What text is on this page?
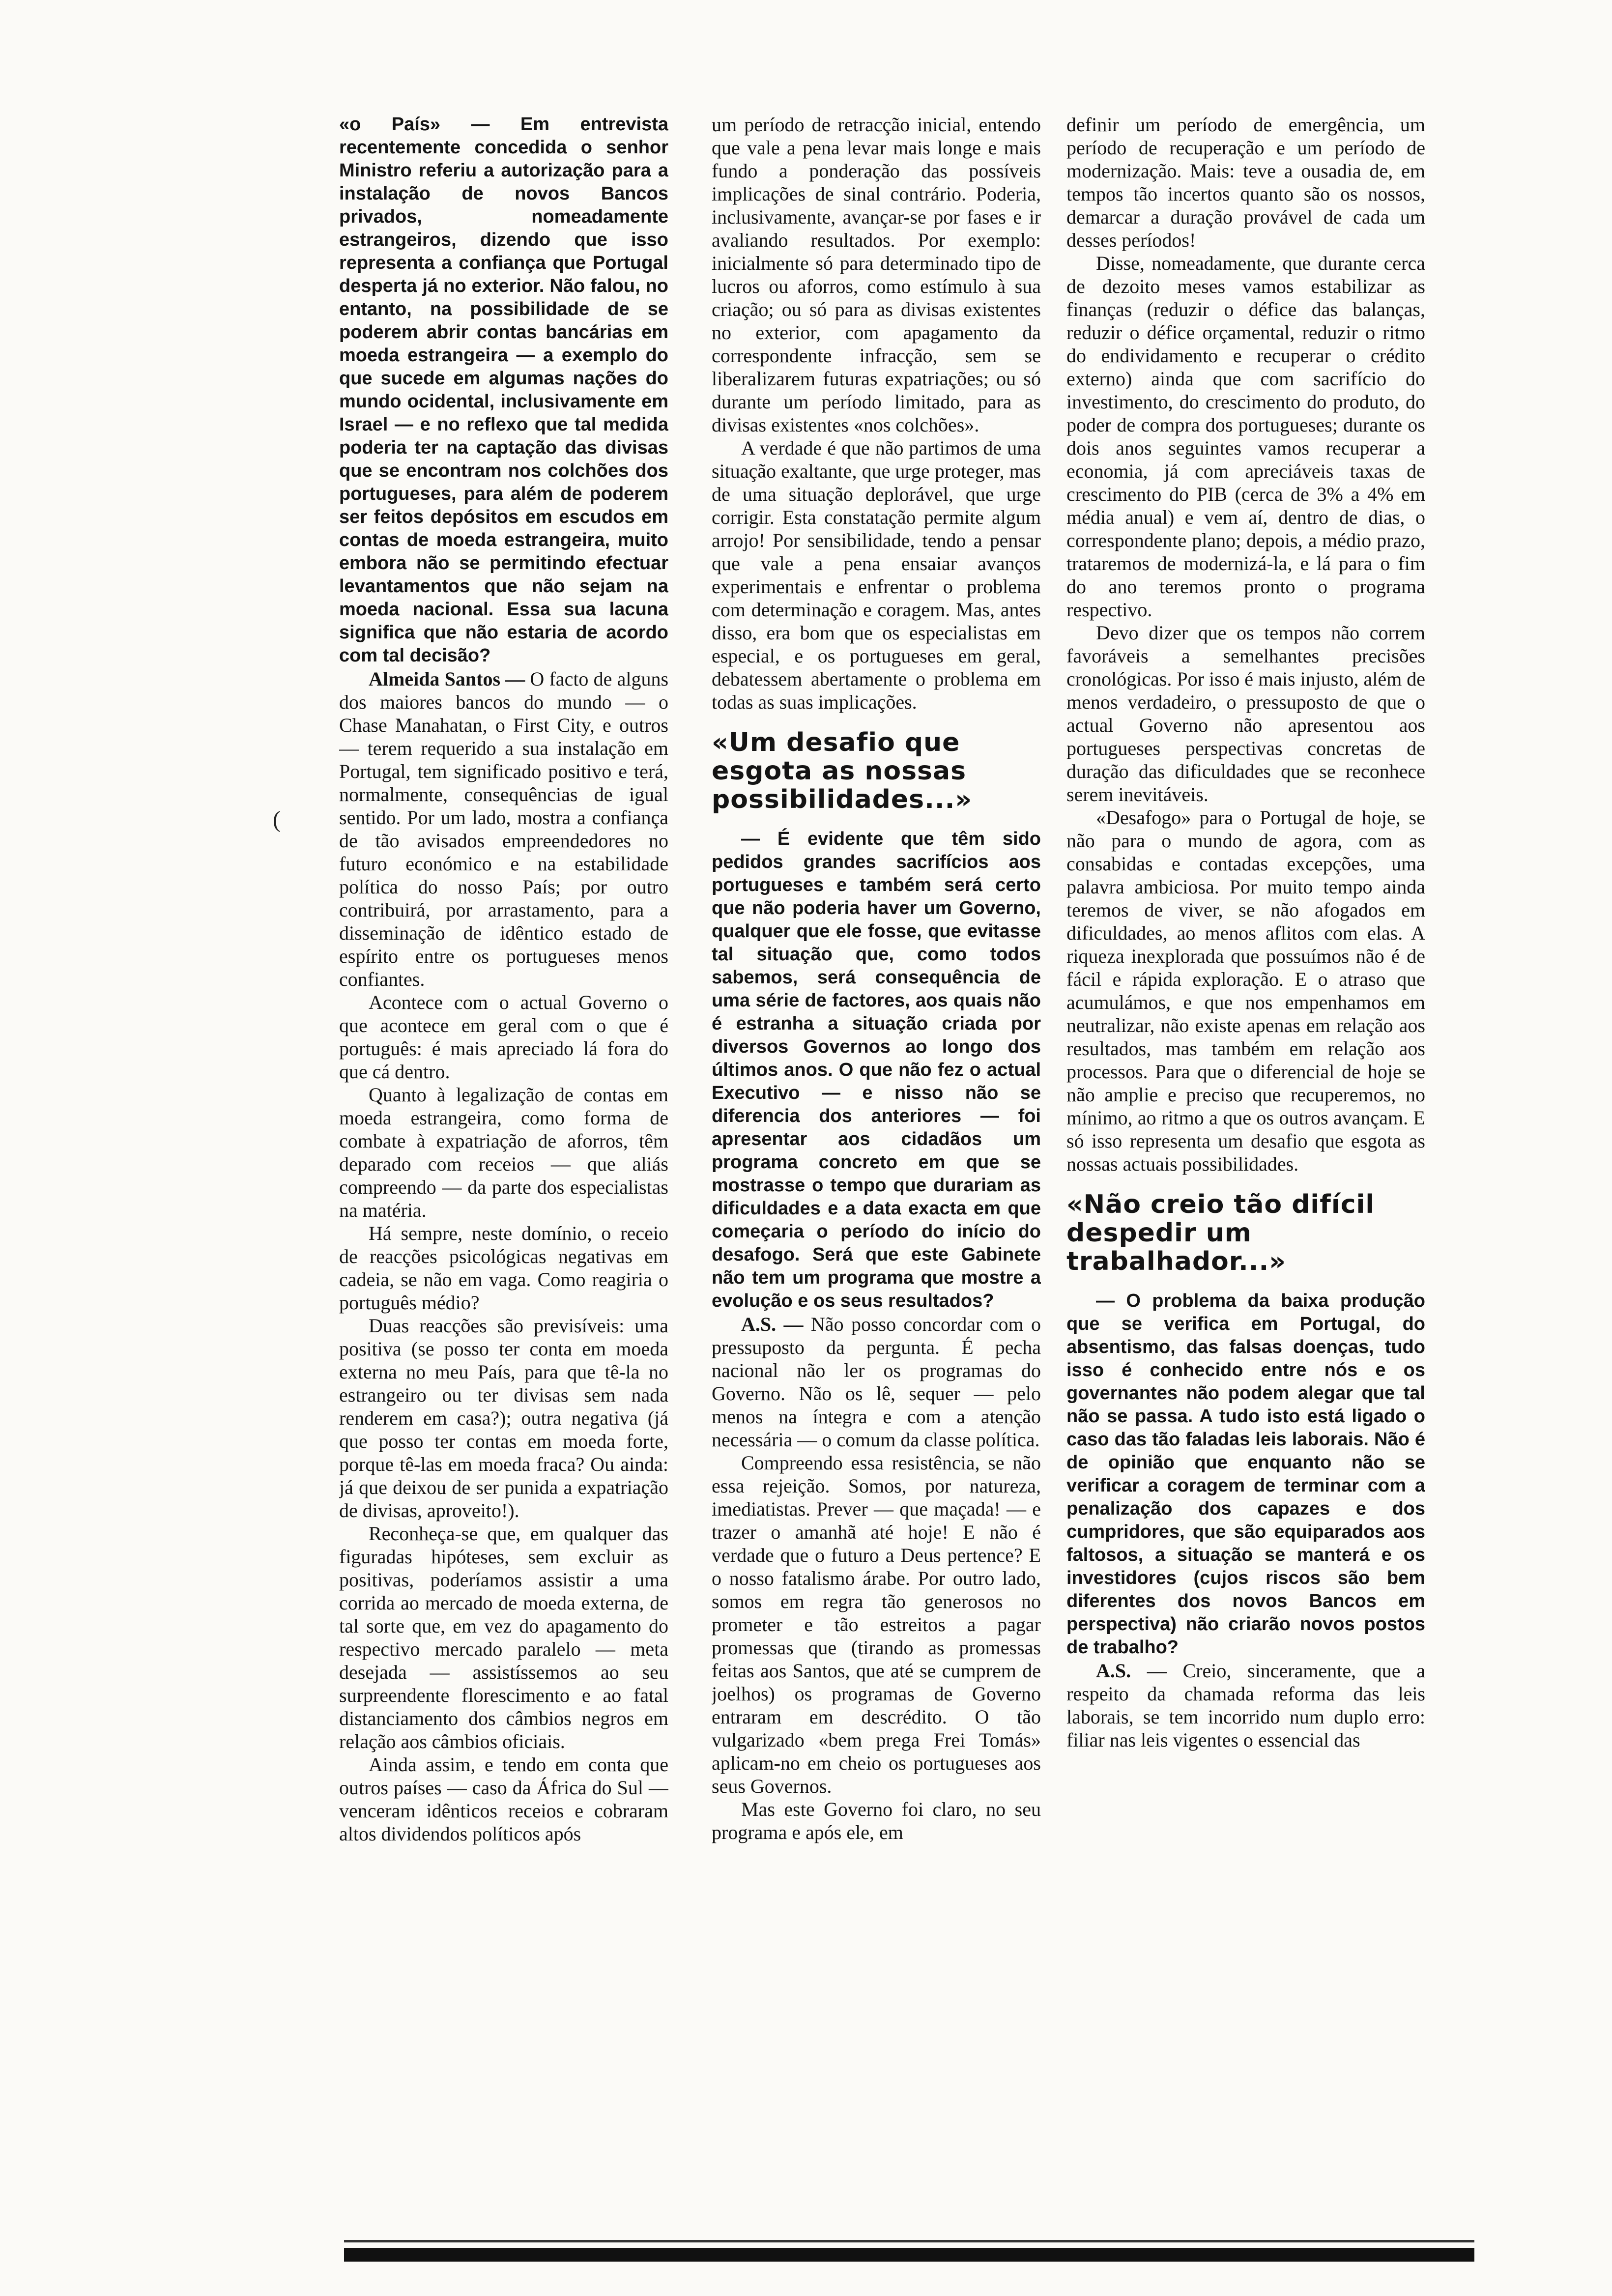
(

«o País» — Em entrevista recentemente concedida o senhor Ministro referiu a autorização para a instalação de novos Bancos privados, nomeadamente estrangeiros, dizendo que isso representa a confiança que Portugal desperta já no exterior. Não falou, no entanto, na possibilidade de se poderem abrir contas bancárias em moeda estrangeira — a exemplo do que sucede em algumas nações do mundo ocidental, inclusivamente em Israel — e no reflexo que tal medida poderia ter na captação das divisas que se encontram nos colchões dos portugueses, para além de poderem ser feitos depósitos em escudos em contas de moeda estrangeira, muito embora não se permitindo efectuar levantamentos que não sejam na moeda nacional. Essa sua lacuna significa que não estaria de acordo com tal decisão?

Almeida Santos — O facto de alguns dos maiores bancos do mundo — o Chase Manahatan, o First City, e outros — terem requerido a sua instalação em Portugal, tem significado positivo e terá, normalmente, consequências de igual sentido. Por um lado, mostra a confiança de tão avisados empreendedores no futuro económico e na estabilidade política do nosso País; por outro contribuirá, por arrastamento, para a disseminação de idêntico estado de espírito entre os portugueses menos confiantes.

Acontece com o actual Governo o que acontece em geral com o que é português: é mais apreciado lá fora do que cá dentro.

Quanto à legalização de contas em moeda estrangeira, como forma de combate à expatriação de aforros, têm deparado com receios — que aliás compreendo — da parte dos especialistas na matéria.

Há sempre, neste domínio, o receio de reacções psicológicas negativas em cadeia, se não em vaga. Como reagiria o português médio?

Duas reacções são previsíveis: uma positiva (se posso ter conta em moeda externa no meu País, para que tê-la no estrangeiro ou ter divisas sem nada renderem em casa?); outra negativa (já que posso ter contas em moeda forte, porque tê-las em moeda fraca? Ou ainda: já que deixou de ser punida a expatriação de divisas, aproveito!).

Reconheça-se que, em qualquer das figuradas hipóteses, sem excluir as positivas, poderíamos assistir a uma corrida ao mercado de moeda externa, de tal sorte que, em vez do apagamento do respectivo mercado paralelo — meta desejada — assistíssemos ao seu surpreendente florescimento e ao fatal distanciamento dos câmbios negros em relação aos câmbios oficiais.

Ainda assim, e tendo em conta que outros países — caso da África do Sul — venceram idênticos receios e cobraram altos dividendos políticos após

um período de retracção inicial, entendo que vale a pena levar mais longe e mais fundo a ponderação das possíveis implicações de sinal contrário. Poderia, inclusivamente, avançar-se por fases e ir avaliando resultados. Por exemplo: inicialmente só para determinado tipo de lucros ou aforros, como estímulo à sua criação; ou só para as divisas existentes no exterior, com apagamento da correspondente infracção, sem se liberalizarem futuras expatriações; ou só durante um período limitado, para as divisas existentes «nos colchões».

A verdade é que não partimos de uma situação exaltante, que urge proteger, mas de uma situação deplorável, que urge corrigir. Esta constatação permite algum arrojo! Por sensibilidade, tendo a pensar que vale a pena ensaiar avanços experimentais e enfrentar o problema com determinação e coragem. Mas, antes disso, era bom que os especialistas em especial, e os portugueses em geral, debatessem abertamente o problema em todas as suas implicações.

«Um desafio que esgota as nossas possibilidades...»

— É evidente que têm sido pedidos grandes sacrifícios aos portugueses e também será certo que não poderia haver um Governo, qualquer que ele fosse, que evitasse tal situação que, como todos sabemos, será consequência de uma série de factores, aos quais não é estranha a situação criada por diversos Governos ao longo dos últimos anos. O que não fez o actual Executivo — e nisso não se diferencia dos anteriores — foi apresentar aos cidadãos um programa concreto em que se mostrasse o tempo que durariam as dificuldades e a data exacta em que começaria o período do início do desafogo. Será que este Gabinete não tem um programa que mostre a evolução e os seus resultados?

A.S. — Não posso concordar com o pressuposto da pergunta. É pecha nacional não ler os programas do Governo. Não os lê, sequer — pelo menos na íntegra e com a atenção necessária — o comum da classe política.

Compreendo essa resistência, se não essa rejeição. Somos, por natureza, imediatistas. Prever — que maçada! — e trazer o amanhã até hoje! E não é verdade que o futuro a Deus pertence? E o nosso fatalismo árabe. Por outro lado, somos em regra tão generosos no prometer e tão estreitos a pagar promessas que (tirando as promessas feitas aos Santos, que até se cumprem de joelhos) os programas de Governo entraram em descrédito. O tão vulgarizado «bem prega Frei Tomás» aplicam-no em cheio os portugueses aos seus Governos.

Mas este Governo foi claro, no seu programa e após ele, em

definir um período de emergência, um período de recuperação e um período de modernização. Mais: teve a ousadia de, em tempos tão incertos quanto são os nossos, demarcar a duração provável de cada um desses períodos!

Disse, nomeadamente, que durante cerca de dezoito meses vamos estabilizar as finanças (reduzir o défice das balanças, reduzir o défice orçamental, reduzir o ritmo do endividamento e recuperar o crédito externo) ainda que com sacrifício do investimento, do crescimento do produto, do poder de compra dos portugueses; durante os dois anos seguintes vamos recuperar a economia, já com apreciáveis taxas de crescimento do PIB (cerca de 3% a 4% em média anual) e vem aí, dentro de dias, o correspondente plano; depois, a médio prazo, trataremos de modernizá-la, e lá para o fim do ano teremos pronto o programa respectivo.

Devo dizer que os tempos não correm favoráveis a semelhantes precisões cronológicas. Por isso é mais injusto, além de menos verdadeiro, o pressuposto de que o actual Governo não apresentou aos portugueses perspectivas concretas de duração das dificuldades que se reconhece serem inevitáveis.

«Desafogo» para o Portugal de hoje, se não para o mundo de agora, com as consabidas e contadas excepções, uma palavra ambiciosa. Por muito tempo ainda teremos de viver, se não afogados em dificuldades, ao menos aflitos com elas. A riqueza inexplorada que possuímos não é de fácil e rápida exploração. E o atraso que acumulámos, e que nos empenhamos em neutralizar, não existe apenas em relação aos resultados, mas também em relação aos processos. Para que o diferencial de hoje se não amplie e preciso que recuperemos, no mínimo, ao ritmo a que os outros avançam. E só isso representa um desafio que esgota as nossas actuais possibilidades.

«Não creio tão difícil despedir um trabalhador...»

— O problema da baixa produção que se verifica em Portugal, do absentismo, das falsas doenças, tudo isso é conhecido entre nós e os governantes não podem alegar que tal não se passa. A tudo isto está ligado o caso das tão faladas leis laborais. Não é de opinião que enquanto não se verificar a coragem de terminar com a penalização dos capazes e dos cumpridores, que são equiparados aos faltosos, a situação se manterá e os investidores (cujos riscos são bem diferentes dos novos Bancos em perspectiva) não criarão novos postos de trabalho?

A.S. — Creio, sinceramente, que a respeito da chamada reforma das leis laborais, se tem incorrido num duplo erro: filiar nas leis vigentes o essencial das
